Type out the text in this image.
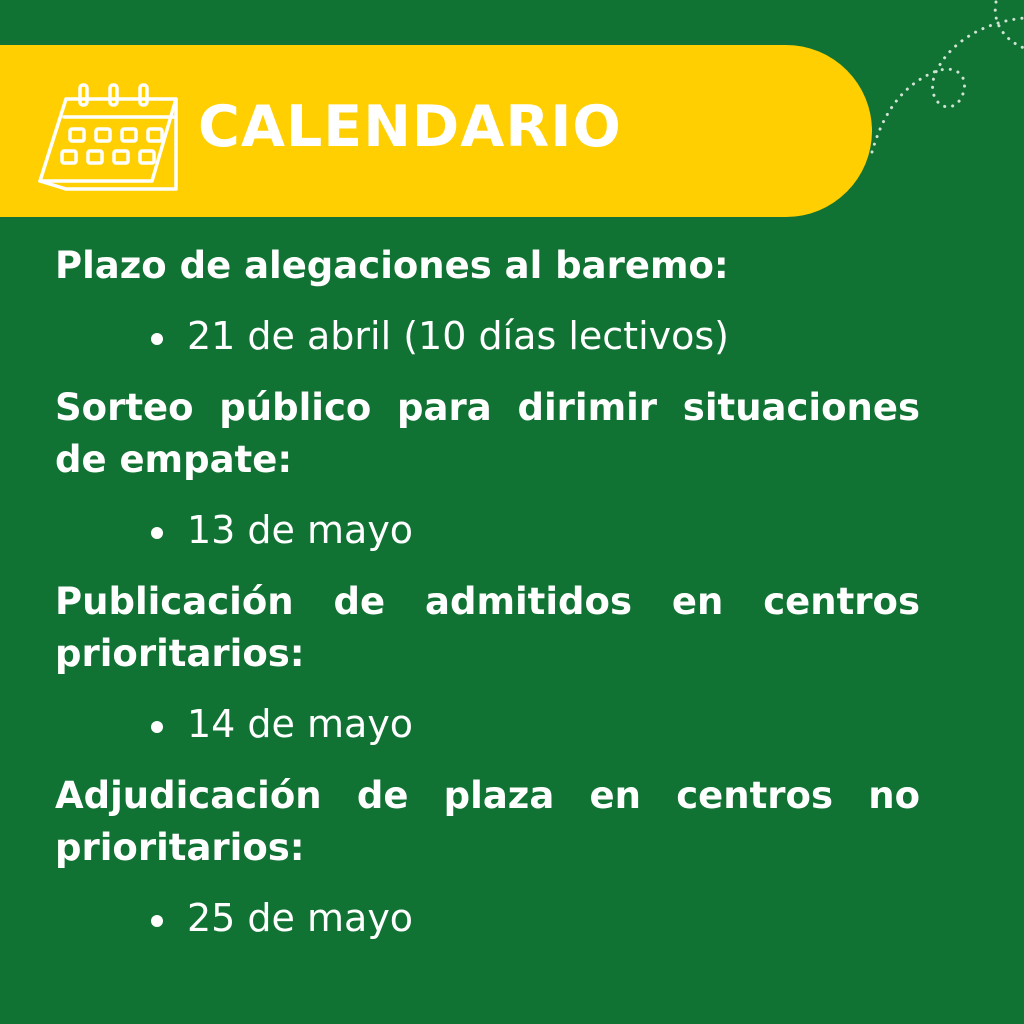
CALENDARIO

Plazo de alegaciones al baremo:

21 de abril (10 días lectivos)

Sorteo público para dirimir situaciones de empate:

13 de mayo

Publicación de admitidos en centros prioritarios:

14 de mayo

Adjudicación de plaza en centros no prioritarios:

25 de mayo
